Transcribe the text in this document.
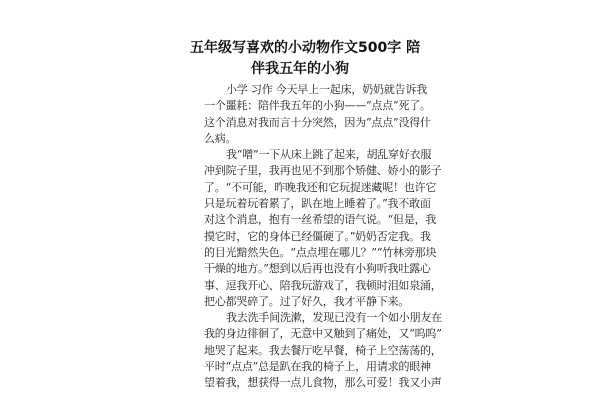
五年级写喜欢的小动物作文500字 陪
伴我五年的小狗
小学 习作 今天早上一起床，奶奶就告诉我
一个噩耗：陪伴我五年的小狗——“点点”死了。
这个消息对我而言十分突然，因为“点点”没得什
么病。
我“噌”一下从床上跳了起来，胡乱穿好衣服
冲到院子里，我再也见不到那个矫健、娇小的影子
了。“不可能，昨晚我还和它玩捉迷藏呢！也许它
只是玩着玩着累了，趴在地上睡着了。”我不敢面
对这个消息，抱有一丝希望的语气说。“但是，我
摸它时，它的身体已经僵硬了。”奶奶否定我。我
的目光黯然失色。“点点埋在哪儿？”“竹林旁那块
干燥的地方。”想到以后再也没有小狗听我吐露心
事、逗我开心、陪我玩游戏了，我顿时泪如泉涌，
把心都哭碎了。过了好久，我才平静下来。
我去洗手间洗漱，发现已没有一个如小朋友在
我的身边徘徊了，无意中又触到了痛处，又“呜呜”
地哭了起来。我去餐厅吃早餐，椅子上空荡荡的，
平时“点点”总是趴在我的椅子上，用请求的眼神
望着我，想获得一点儿食物，那么可爱！我又小声
